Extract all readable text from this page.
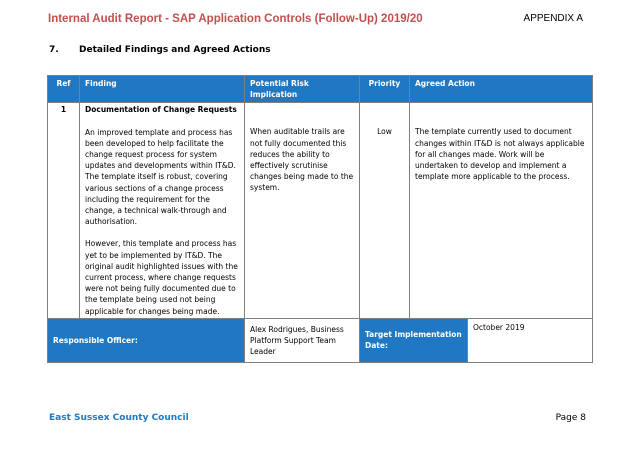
Internal Audit Report - SAP Application Controls (Follow-Up) 2019/20	APPENDIX A
7. Detailed Findings and Agreed Actions
Ref	Finding	Potential Risk Implication	Priority	Agreed Action	
1	Documentation of Change Requests

An improved template and process has been developed to help facilitate the change request process for system updates and developments within IT&D. The template itself is robust, covering various sections of a change process including the requirement for the change, a technical walk-through and authorisation.

However, this template and process has yet to be implemented by IT&D. The original audit highlighted issues with the current process, where change requests were not being fully documented due to the template being used not being applicable for changes being made.	When auditable trails are not fully documented this reduces the ability to effectively scrutinise changes being made to the system.	Low	The template currently used to document changes within IT&D is not always applicable for all changes made. Work will be undertaken to develop and implement a template more applicable to the process.	

Responsible Officer:		Alex Rodrigues, Business Platform Support Team Leader	Target Implementation Date:		October 2019
East Sussex County Council	Page 8
